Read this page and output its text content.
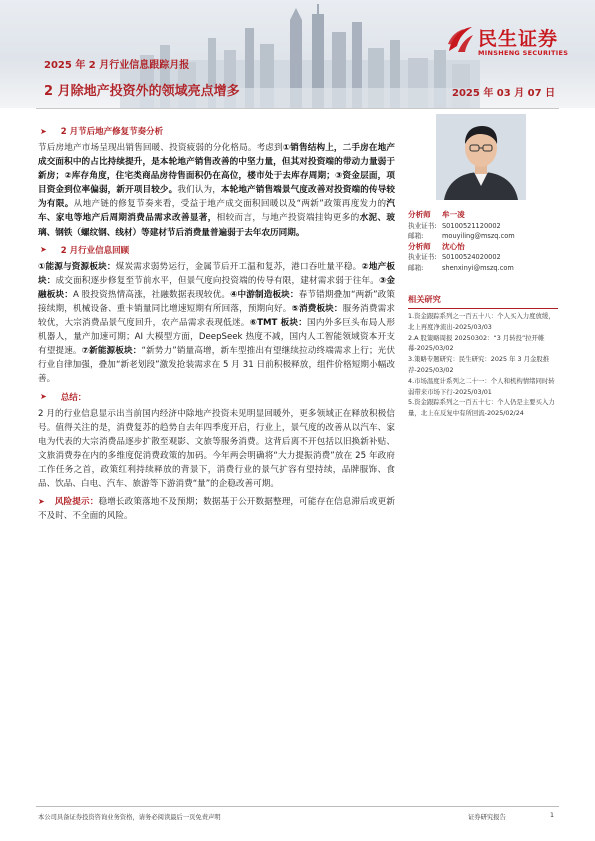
民生证券
MINSHENG SECURITIES
2025 年 2 月行业信息跟踪月报
2 月除地产投资外的领域亮点增多	2025 年 03 月 07 日
➤ 2 月节后地产修复节奏分析

节后房地产市场呈现出销售回暖、投资疲弱的分化格局。考虑到①销售结构上，二手房在地产成交面积中的占比持续提升，是本轮地产销售改善的中坚力量，但其对投资端的带动力量弱于新房；②库存角度，住宅类商品房待售面积仍在高位，楼市处于去库存周期；③资金层面，项目资金到位率偏弱，新开项目较少。我们认为，本轮地产销售端景气度改善对投资端的传导较为有限。从地产链的修复节奏来看，受益于地产成交面积回暖以及“两新”政策再度发力的汽车、家电等地产后周期消费品需求改善显著，相较而言，与地产投资端挂钩更多的水泥、玻璃、钢铁（螺纹钢、线材）等建材节后消费量普遍弱于去年农历同期。

➤ 2 月行业信息回顾

①能源与资源板块：煤炭需求弱势运行，金属节后开工温和复苏，港口吞吐量平稳。②地产板块：成交面积逐步修复至节前水平，但景气度向投资端的传导有限，建材需求弱于往年。③金融板块：A 股投资热情高涨，社融数据表现较优。④中游制造板块：春节错期叠加“两新”政策接续期，机械设备、重卡销量同比增速短期有所回落，预期向好。⑤消费板块：服务消费需求较优，大宗消费品景气度回升，农产品需求表现低迷。⑥TMT 板块：国内外多巨头布局人形机器人，量产加速可期；AI 大模型方面，DeepSeek 热度不减，国内人工智能领域资本开支有望提速。⑦新能源板块：“新势力”销量高增，新车型推出有望继续拉动终端需求上行；光伏行业自律加强，叠加“新老划段”激发抢装需求在 5 月 31 日前积极释放，组件价格短期小幅改善。

➤ 总结：

2 月的行业信息显示出当前国内经济中除地产投资未见明显回暖外，更多领域正在释放积极信号。值得关注的是，消费复苏的趋势自去年四季度开启，行业上，景气度的改善从以汽车、家电为代表的大宗消费品逐步扩散至观影、文旅等服务消费。这背后离不开包括以旧换新补贴、文旅消费券在内的多维度促消费政策的加码。今年两会明确将“大力提振消费”放在 25 年政府工作任务之首，政策红利持续释放的背景下，消费行业的景气扩容有望持续，品牌服饰、食品、饮品、白电、汽车、旅游等下游消费“量”的企稳改善可期。

➤ 风险提示：稳增长政策落地不及预期；数据基于公开数据整理，可能存在信息滞后或更新不及时、不全面的风险。

分析师 牟一凌
执业证书: S0100521120002
邮箱:	mouyiling@mszq.com
分析师 沈心怡
执业证书: S0100524020002
邮箱:	shenxinyi@mszq.com
相关研究
1.资金跟踪系列之一百五十八：个人买入力度放缓，北上再度净流出-2025/03/03
2.A 股策略周报 20250302：“3 月转投”拉开帷幕-2025/03/02
3.策略专题研究：民生研究：2025 年 3 月金股推荐-2025/03/02
4.市场温度计系列之二十一：个人和机构情绪同时转弱带来市场下行-2025/03/01
5.资金跟踪系列之一百五十七：个人仍是主要买入力量，北上在反复中有所回流-2025/02/24
本公司具备证券投资咨询业务资格，请务必阅读最后一页免责声明	证券研究报告	1
